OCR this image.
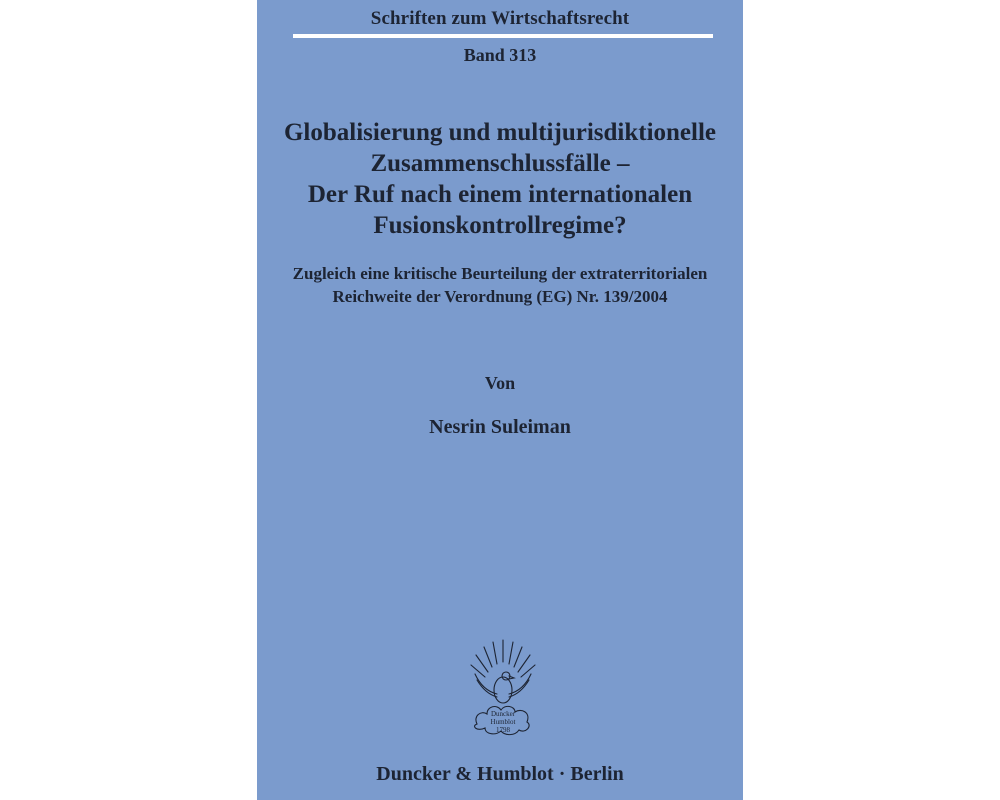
Schriften zum Wirtschaftsrecht
Band 313
Globalisierung und multijurisdiktionelle
Zusammenschlussfälle –
Der Ruf nach einem internationalen
Fusionskontrollregime?
Zugleich eine kritische Beurteilung der extraterritorialen
Reichweite der Verordnung (EG) Nr. 139/2004
Von
Nesrin Suleiman
Duncker
Humblot
1798
Duncker & Humblot · Berlin
